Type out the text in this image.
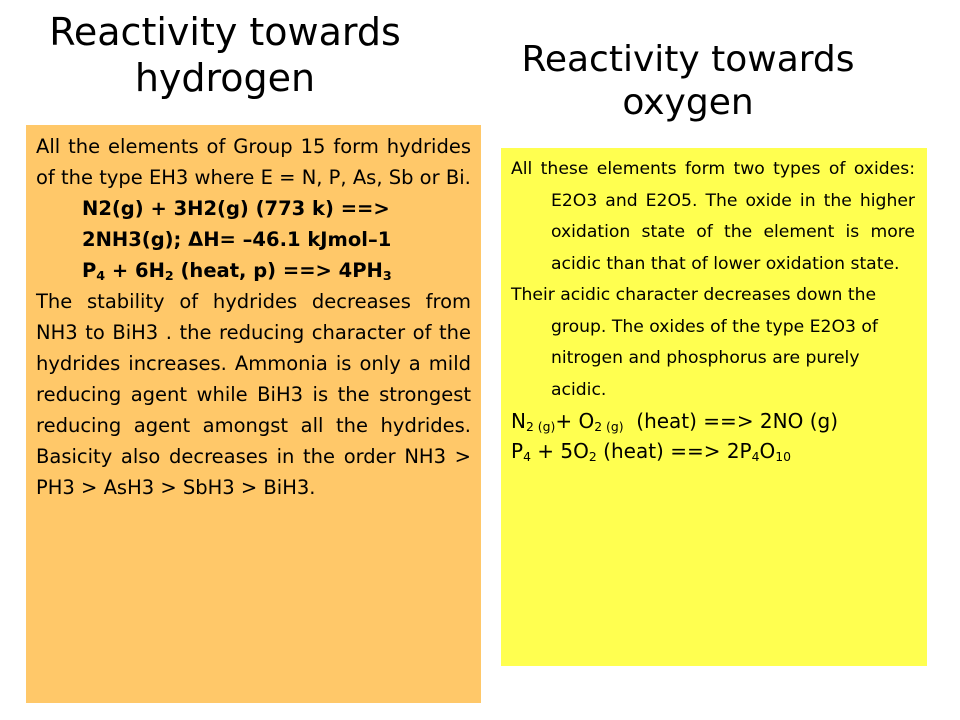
Reactivity towards
hydrogen	Reactivity towards
oxygen

All the elements of Group 15 form hydrides of the type EH3 where E = N, P, As, Sb or Bi.

N2(g) + 3H2(g) (773 k) ==>

2NH3(g); ΔH= –46.1 kJmol–1

$P_4 + 6H_2$ (heat, p) ==> $4PH_3$

The stability of hydrides decreases from NH3 to BiH3 . the reducing character of the hydrides increases. Ammonia is only a mild reducing agent while BiH3 is the strongest reducing agent amongst all the hydrides. Basicity also decreases in the order NH3 > PH3 > AsH3 > SbH3 > BiH3.

All these elements form two types of oxides: E2O3 and E2O5. The oxide in the higher oxidation state of the element is more acidic than that of lower oxidation state.

Their acidic character decreases down the group. The oxides of the type E2O3 of nitrogen and phosphorus are purely acidic.

$N_{2 (g)}+ O_{2 (g)}$  (heat) ==> 2NO (g)

$P_4 + 5O_2$ (heat) ==> $2P_4O_{10}$
